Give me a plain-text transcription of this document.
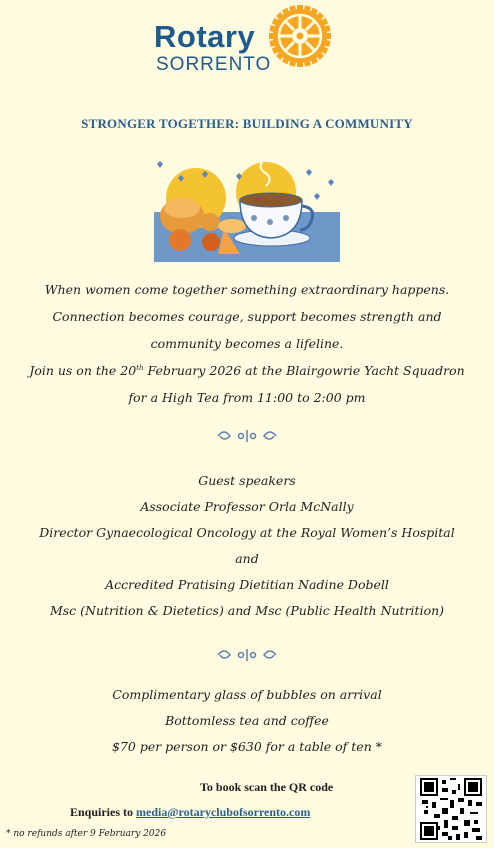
Rotary
SORRENTO
STRONGER TOGETHER: BUILDING A COMMUNITY
When women come together something extraordinary happens.
Connection becomes courage, support becomes strength and
community becomes a lifeline.
Join us on the 20th February 2026 at the Blairgowrie Yacht Squadron
for a High Tea from 11:00 to 2:00 pm
Guest speakers
Associate Professor Orla McNally
Director Gynaecological Oncology at the Royal Women’s Hospital
and
Accredited Pratising Dietitian Nadine Dobell
Msc (Nutrition & Dietetics) and Msc (Public Health Nutrition)
Complimentary glass of bubbles on arrival
Bottomless tea and coffee
$70 per person or $630 for a table of ten *
To book scan the QR code
Enquiries to media@rotaryclubofsorrento.com
* no refunds after 9 February 2026
